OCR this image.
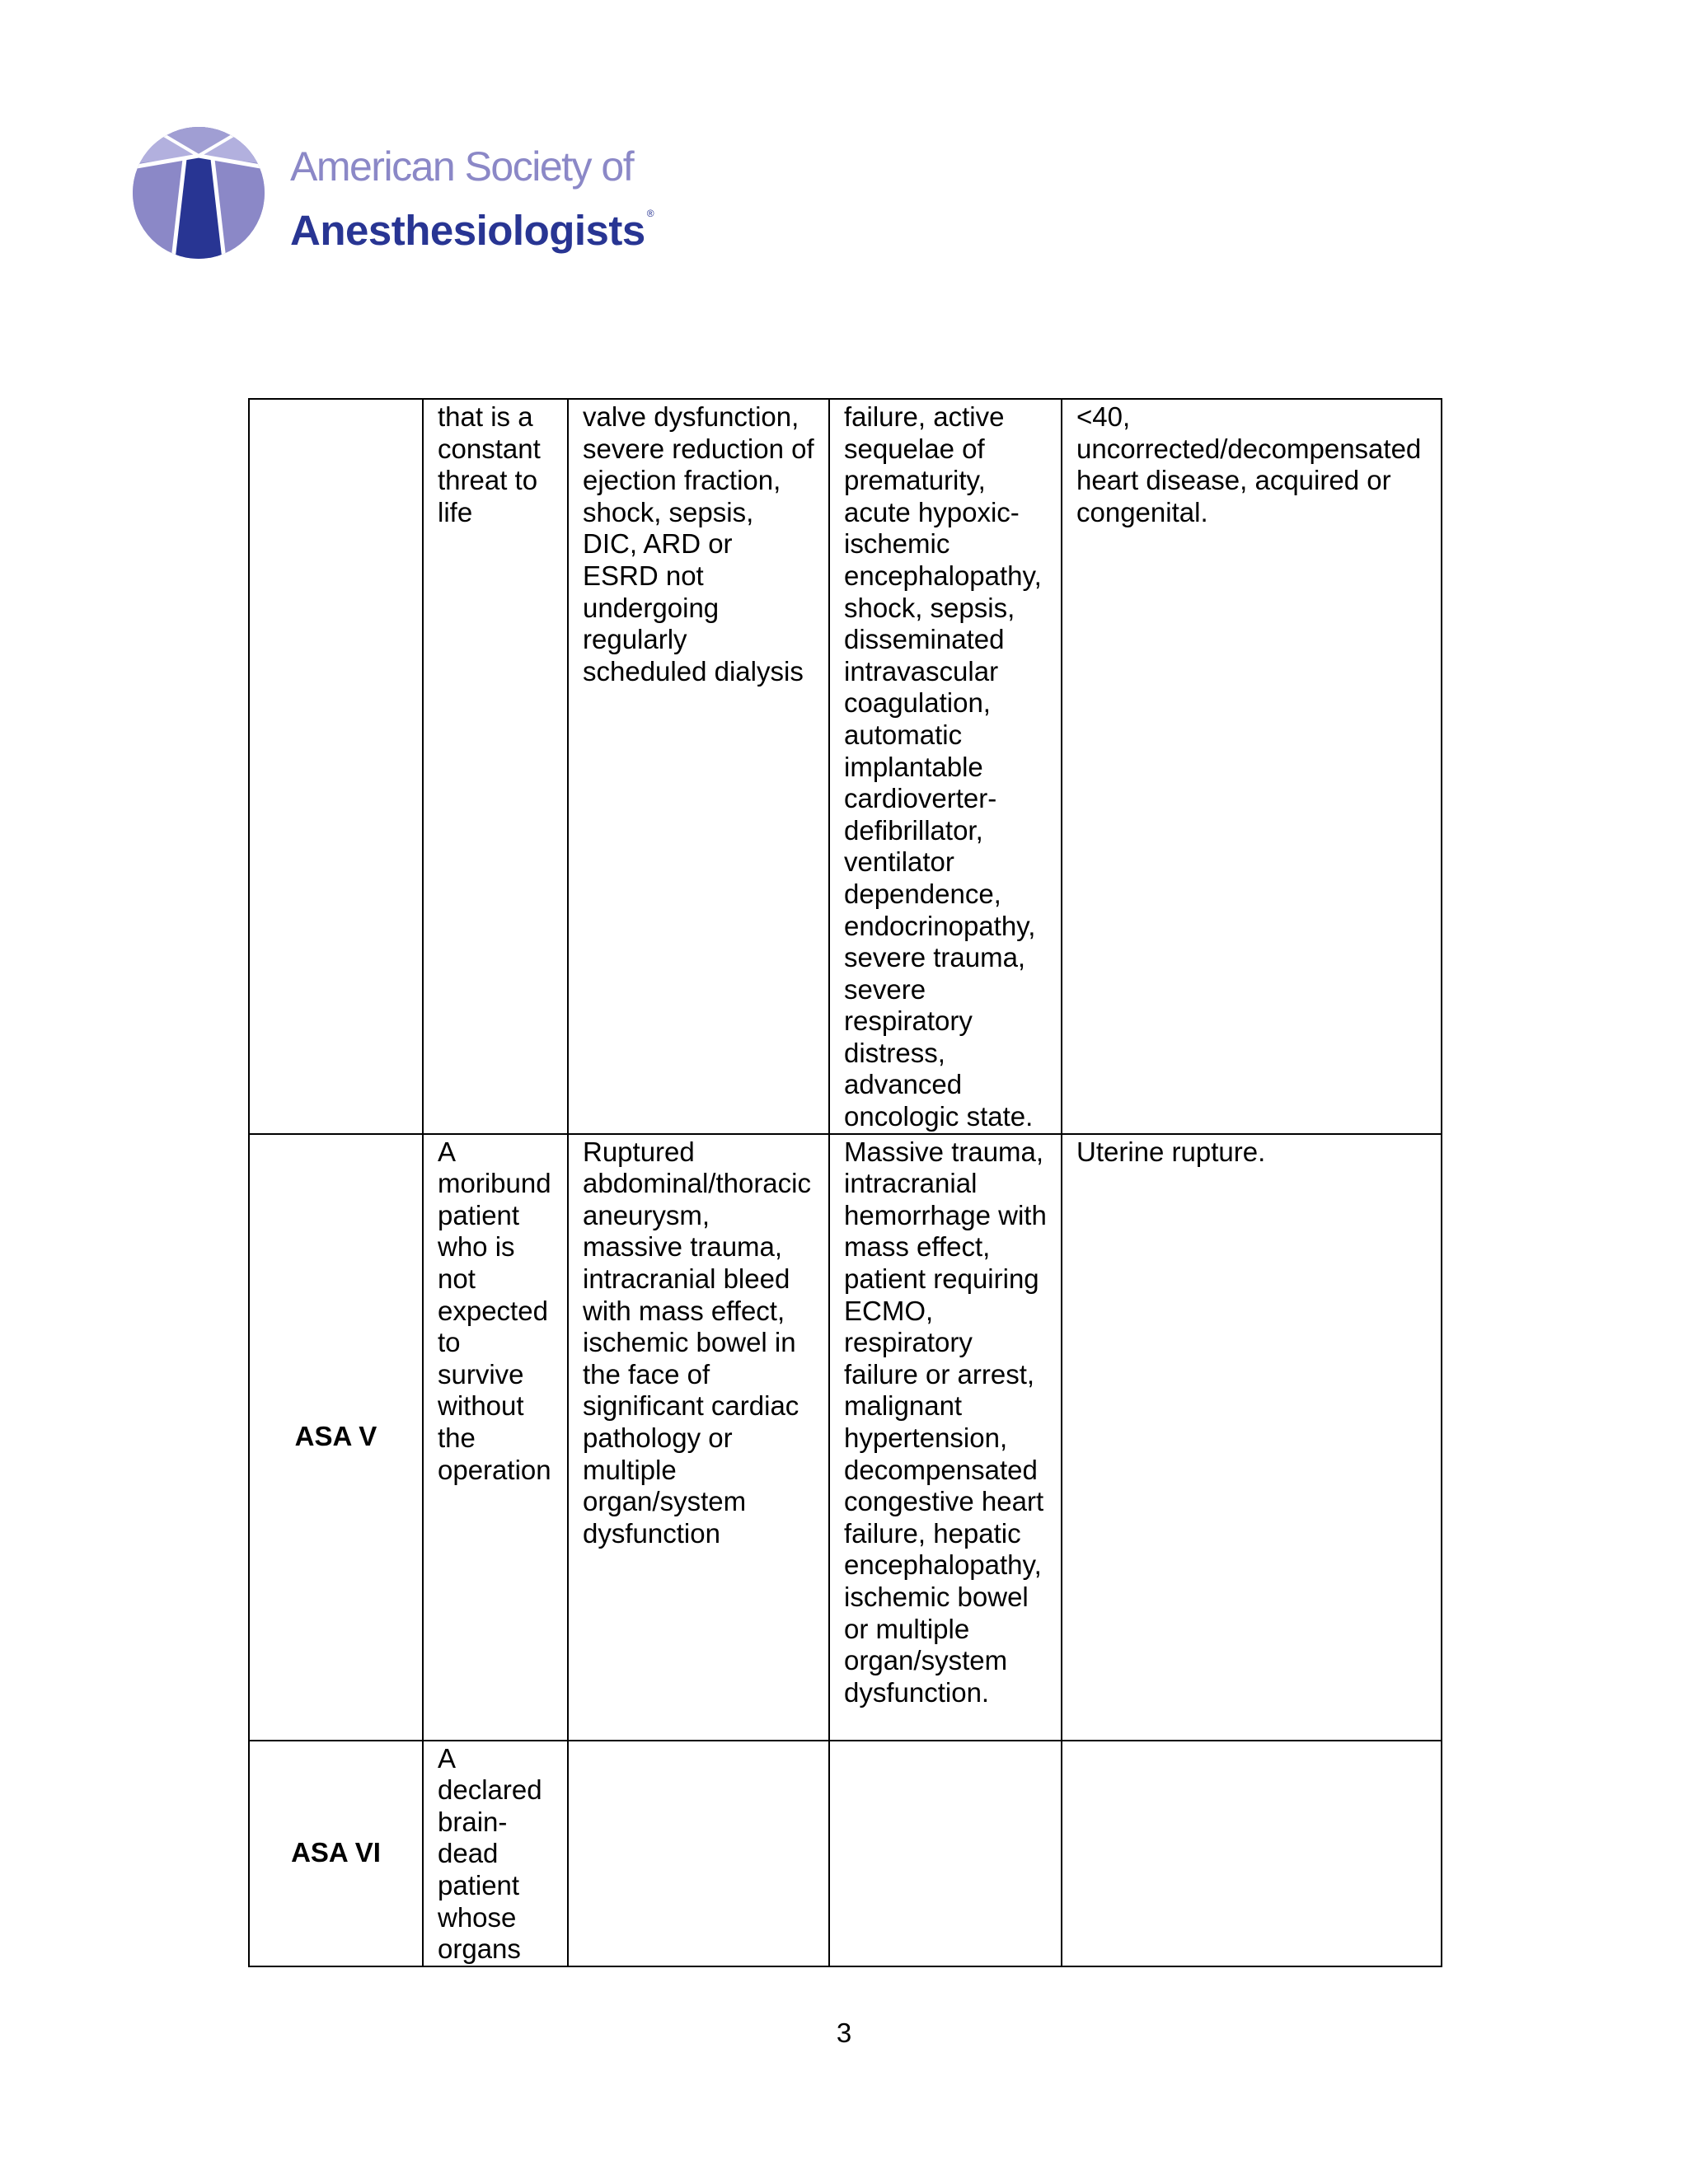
American Society of
Anesthesiologists ®
	that is a constant threat to life	valve dysfunction, severe reduction of ejection fraction, shock, sepsis, DIC, ARD or ESRD not undergoing regularly scheduled dialysis	failure, active sequelae of prematurity, acute hypoxic-ischemic encephalopathy, shock, sepsis, disseminated intravascular coagulation, automatic implantable cardioverter-defibrillator, ventilator dependence, endocrinopathy, severe trauma, severe respiratory distress, advanced oncologic state.	<40, uncorrected/decompensated heart disease, acquired or congenital.
ASA V	A moribund patient who is not expected to survive without the operation	Ruptured abdominal/thoracic aneurysm, massive trauma, intracranial bleed with mass effect, ischemic bowel in the face of significant cardiac pathology or multiple organ/system dysfunction	Massive trauma, intracranial hemorrhage with mass effect, patient requiring ECMO, respiratory failure or arrest, malignant hypertension, decompensated congestive heart failure, hepatic encephalopathy, ischemic bowel or multiple organ/system dysfunction.	Uterine rupture.
ASA VI	A declared brain-dead patient whose organs			
3
